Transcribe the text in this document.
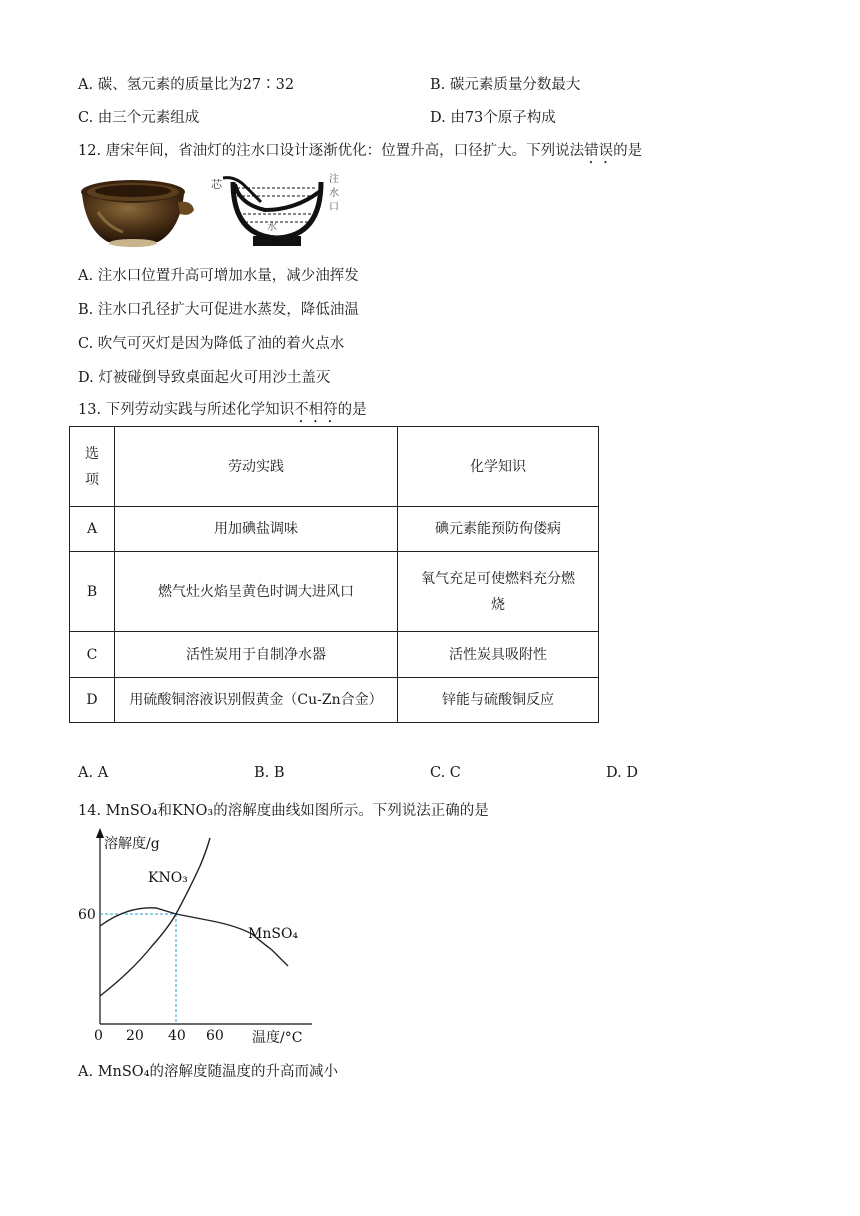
A. 碳、氢元素的质量比为27∶32	B. 碳元素质量分数最大
C. 由三个元素组成	D. 由73个原子构成
12. 唐宋年间，省油灯的注水口设计逐渐优化：位置升高，口径扩大。下列说法错误的是
芯
水
注
水
口
A. 注水口位置升高可增加水量，减少油挥发
B. 注水口孔径扩大可促进水蒸发，降低油温
C. 吹气可灭灯是因为降低了油的着火点水
D. 灯被碰倒导致桌面起火可用沙土盖灭
13. 下列劳动实践与所述化学知识不相符的是
选
项	劳动实践	化学知识
A	用加碘盐调味	碘元素能预防佝偻病
B	燃气灶火焰呈黄色时调大进风口	氧气充足可使燃料充分燃
烧
C	活性炭用于自制净水器	活性炭具吸附性
D	用硫酸铜溶液识别假黄金（Cu-Zn合金）	锌能与硫酸铜反应
A. A	B. B	C. C	D. D
14. MnSO₄和KNO₃的溶解度曲线如图所示。下列说法正确的是
溶解度/g
KNO₃
MnSO₄
60
0 20 40 60 温度/°C
A. MnSO₄的溶解度随温度的升高而减小
